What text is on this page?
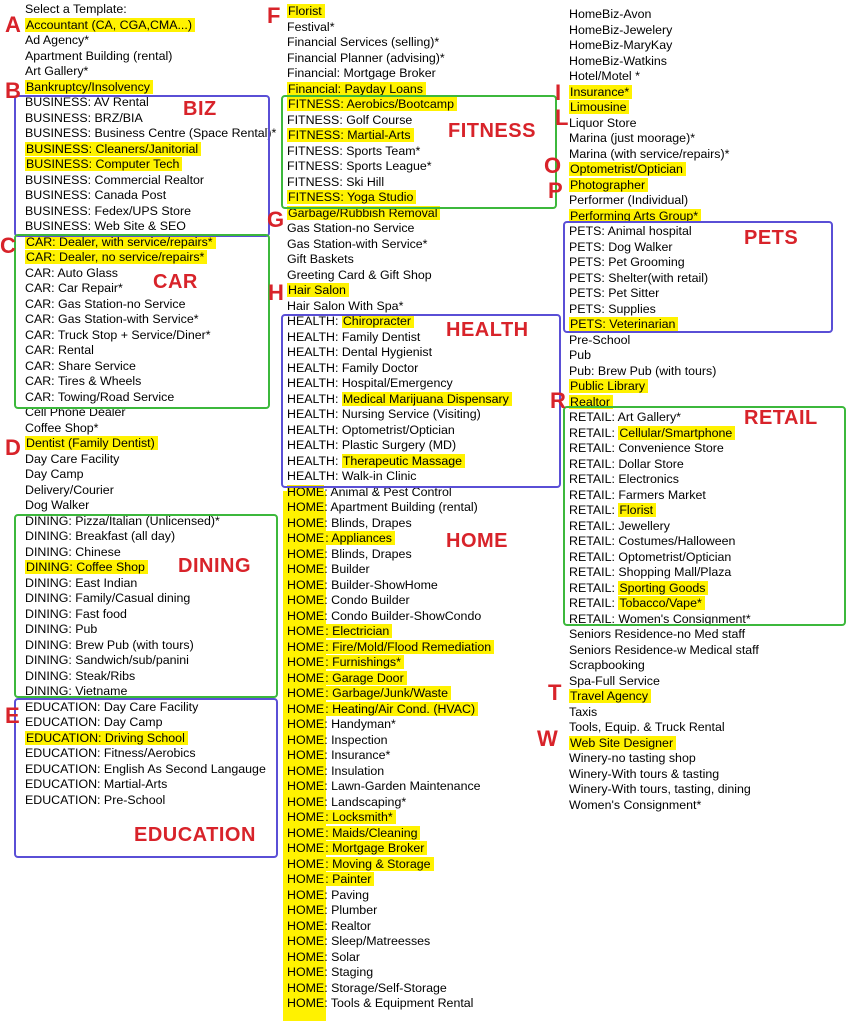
Select a Template:
Accountant (CA, CGA,CMA...)
Ad Agency*
Apartment Building (rental)
Art Gallery*
Bankruptcy/Insolvency
BUSINESS: AV Rental
BUSINESS: BRZ/BIA
BUSINESS: Business Centre (Space Rental)*
BUSINESS: Cleaners/Janitorial
BUSINESS: Computer Tech
BUSINESS: Commercial Realtor
BUSINESS: Canada Post
BUSINESS: Fedex/UPS Store
BUSINESS: Web Site & SEO
CAR: Dealer, with service/repairs*
CAR: Dealer, no service/repairs*
CAR: Auto Glass
CAR: Car Repair*
CAR: Gas Station-no Service
CAR: Gas Station-with Service*
CAR: Truck Stop + Service/Diner*
CAR: Rental
CAR: Share Service
CAR: Tires & Wheels
CAR: Towing/Road Service
Cell Phone Dealer
Coffee Shop*
Dentist (Family Dentist)
Day Care Facility
Day Camp
Delivery/Courier
Dog Walker
DINING: Pizza/Italian (Unlicensed)*
DINING: Breakfast (all day)
DINING: Chinese
DINING: Coffee Shop
DINING: East Indian
DINING: Family/Casual dining
DINING: Fast food
DINING: Pub
DINING: Brew Pub (with tours)
DINING: Sandwich/sub/panini
DINING: Steak/Ribs
DINING: Vietname
EDUCATION: Day Care Facility
EDUCATION: Day Camp
EDUCATION: Driving School
EDUCATION: Fitness/Aerobics
EDUCATION: English As Second Langauge
EDUCATION: Martial-Arts
EDUCATION: Pre-School
Florist
Festival*
Financial Services (selling)*
Financial Planner (advising)*
Financial: Mortgage Broker
Financial: Payday Loans
FITNESS: Aerobics/Bootcamp
FITNESS: Golf Course
FITNESS: Martial-Arts
FITNESS: Sports Team*
FITNESS: Sports League*
FITNESS: Ski Hill
FITNESS: Yoga Studio
Garbage/Rubbish Removal
Gas Station-no Service
Gas Station-with Service*
Gift Baskets
Greeting Card & Gift Shop
Hair Salon
Hair Salon With Spa*
HEALTH: Chiropracter
HEALTH: Family Dentist
HEALTH: Dental Hygienist
HEALTH: Family Doctor
HEALTH: Hospital/Emergency
HEALTH: Medical Marijuana Dispensary
HEALTH: Nursing Service (Visiting)
HEALTH: Optometrist/Optician
HEALTH: Plastic Surgery (MD)
HEALTH: Therapeutic Massage
HEALTH: Walk-in Clinic
HOME: Animal & Pest Control
HOME: Apartment Building (rental)
HOME: Blinds, Drapes
HOME: Appliances
HOME: Blinds, Drapes
HOME: Builder
HOME: Builder-ShowHome
HOME: Condo Builder
HOME: Condo Builder-ShowCondo
HOME: Electrician
HOME: Fire/Mold/Flood Remediation
HOME: Furnishings*
HOME: Garage Door
HOME: Garbage/Junk/Waste
HOME: Heating/Air Cond. (HVAC)
HOME: Handyman*
HOME: Inspection
HOME: Insurance*
HOME: Insulation
HOME: Lawn-Garden Maintenance
HOME: Landscaping*
HOME: Locksmith*
HOME: Maids/Cleaning
HOME: Mortgage Broker
HOME: Moving & Storage
HOME: Painter
HOME: Paving
HOME: Plumber
HOME: Realtor
HOME: Sleep/Matreesses
HOME: Solar
HOME: Staging
HOME: Storage/Self-Storage
HOME: Tools & Equipment Rental
HomeBiz-Avon
HomeBiz-Jewelery
HomeBiz-MaryKay
HomeBiz-Watkins
Hotel/Motel *
Insurance*
Limousine
Liquor Store
Marina (just moorage)*
Marina (with service/repairs)*
Optometrist/Optician
Photographer
Performer (Individual)
Performing Arts Group*
PETS: Animal hospital
PETS: Dog Walker
PETS: Pet Grooming
PETS: Shelter(with retail)
PETS: Pet Sitter
PETS: Supplies
PETS: Veterinarian
Pre-School
Pub
Pub: Brew Pub (with tours)
Public Library
Realtor
RETAIL: Art Gallery*
RETAIL: Cellular/Smartphone
RETAIL: Convenience Store
RETAIL: Dollar Store
RETAIL: Electronics
RETAIL: Farmers Market
RETAIL: Florist
RETAIL: Jewellery
RETAIL: Costumes/Halloween
RETAIL: Optometrist/Optician
RETAIL: Shopping Mall/Plaza
RETAIL: Sporting Goods
RETAIL: Tobacco/Vape*
RETAIL: Women's Consignment*
Seniors Residence-no Med staff
Seniors Residence-w Medical staff
Scrapbooking
Spa-Full Service
Travel Agency
Taxis
Tools, Equip. & Truck Rental
Web Site Designer
Winery-no tasting shop
Winery-With tours & tasting
Winery-With tours, tasting, dining
Women's Consignment*
BIZ
CAR
DINING
EDUCATION
FITNESS
HEALTH
HOME
PETS
RETAIL
A
B
C
D
E
F
G
H
I
L
O
P
R
T
W
